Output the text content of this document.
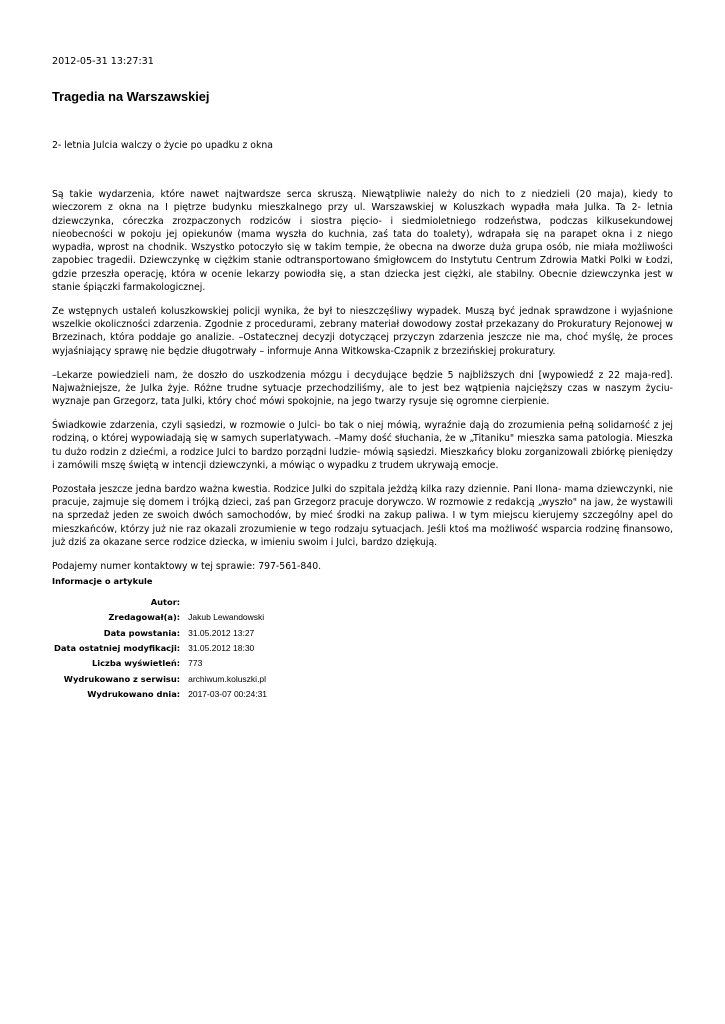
2012-05-31 13:27:31
Tragedia na Warszawskiej
2- letnia Julcia walczy o życie po upadku z okna

Są takie wydarzenia, które nawet najtwardsze serca skruszą. Niewątpliwie należy do nich to z niedzieli (20 maja), kiedy to wieczorem z okna na I piętrze budynku mieszkalnego przy ul. Warszawskiej w Koluszkach wypadła mała Julka. Ta 2- letnia dziewczynka, córeczka zrozpaczonych rodziców i siostra pięcio- i siedmioletniego rodzeństwa, podczas kilkusekundowej nieobecności w pokoju jej opiekunów (mama wyszła do kuchnia, zaś tata do toalety), wdrapała się na parapet okna i z niego wypadła, wprost na chodnik. Wszystko potoczyło się w takim tempie, że obecna na dworze duża grupa osób, nie miała możliwości zapobiec tragedii. Dziewczynkę w ciężkim stanie odtransportowano śmigłowcem do Instytutu Centrum Zdrowia Matki Polki w Łodzi, gdzie przeszła operację, która w ocenie lekarzy powiodła się, a stan dziecka jest ciężki, ale stabilny. Obecnie dziewczynka jest w stanie śpiączki farmakologicznej.

Ze wstępnych ustaleń koluszkowskiej policji wynika, że był to nieszczęśliwy wypadek. Muszą być jednak sprawdzone i wyjaśnione wszelkie okoliczności zdarzenia. Zgodnie z procedurami, zebrany materiał dowodowy został przekazany do Prokuratury Rejonowej w Brzezinach, która poddaje go analizie. –Ostatecznej decyzji dotyczącej przyczyn zdarzenia jeszcze nie ma, choć myślę, że proces wyjaśniający sprawę nie będzie długotrwały – informuje Anna Witkowska-Czapnik z brzezińskiej prokuratury.

–Lekarze powiedzieli nam, że doszło do uszkodzenia mózgu i decydujące będzie 5 najbliższych dni [wypowiedź z 22 maja-red]. Najważniejsze, że Julka żyje. Różne trudne sytuacje przechodziliśmy, ale to jest bez wątpienia najcięższy czas w naszym życiu- wyznaje pan Grzegorz, tata Julki, który choć mówi spokojnie, na jego twarzy rysuje się ogromne cierpienie.

Świadkowie zdarzenia, czyli sąsiedzi, w rozmowie o Julci- bo tak o niej mówią, wyraźnie dają do zrozumienia pełną solidarność z jej rodziną, o której wypowiadają się w samych superlatywach. –Mamy dość słuchania, że w „Titaniku" mieszka sama patologia. Mieszka tu dużo rodzin z dziećmi, a rodzice Julci to bardzo porządni ludzie- mówią sąsiedzi. Mieszkańcy bloku zorganizowali zbiórkę pieniędzy i zamówili mszę świętą w intencji dziewczynki, a mówiąc o wypadku z trudem ukrywają emocje.

Pozostała jeszcze jedna bardzo ważna kwestia. Rodzice Julki do szpitala jeżdżą kilka razy dziennie. Pani Ilona- mama dziewczynki, nie pracuje, zajmuje się domem i trójką dzieci, zaś pan Grzegorz pracuje dorywczo. W rozmowie z redakcją „wyszło" na jaw, że wystawili na sprzedaż jeden ze swoich dwóch samochodów, by mieć środki na zakup paliwa. I w tym miejscu kierujemy szczególny apel do mieszkańców, którzy już nie raz okazali zrozumienie w tego rodzaju sytuacjach. Jeśli ktoś ma możliwość wsparcia rodzinę finansowo, już dziś za okazane serce rodzice dziecka, w imieniu swoim i Julci, bardzo dziękują.

Podajemy numer kontaktowy w tej sprawie: 797-561-840.

Informacje o artykule
Autor:	
Zredagował(a):	Jakub Lewandowski
Data powstania:	31.05.2012 13:27
Data ostatniej modyfikacji:	31.05.2012 18:30
Liczba wyświetleń:	773
Wydrukowano z serwisu:	archiwum.koluszki.pl
Wydrukowano dnia:	2017-03-07 00:24:31
